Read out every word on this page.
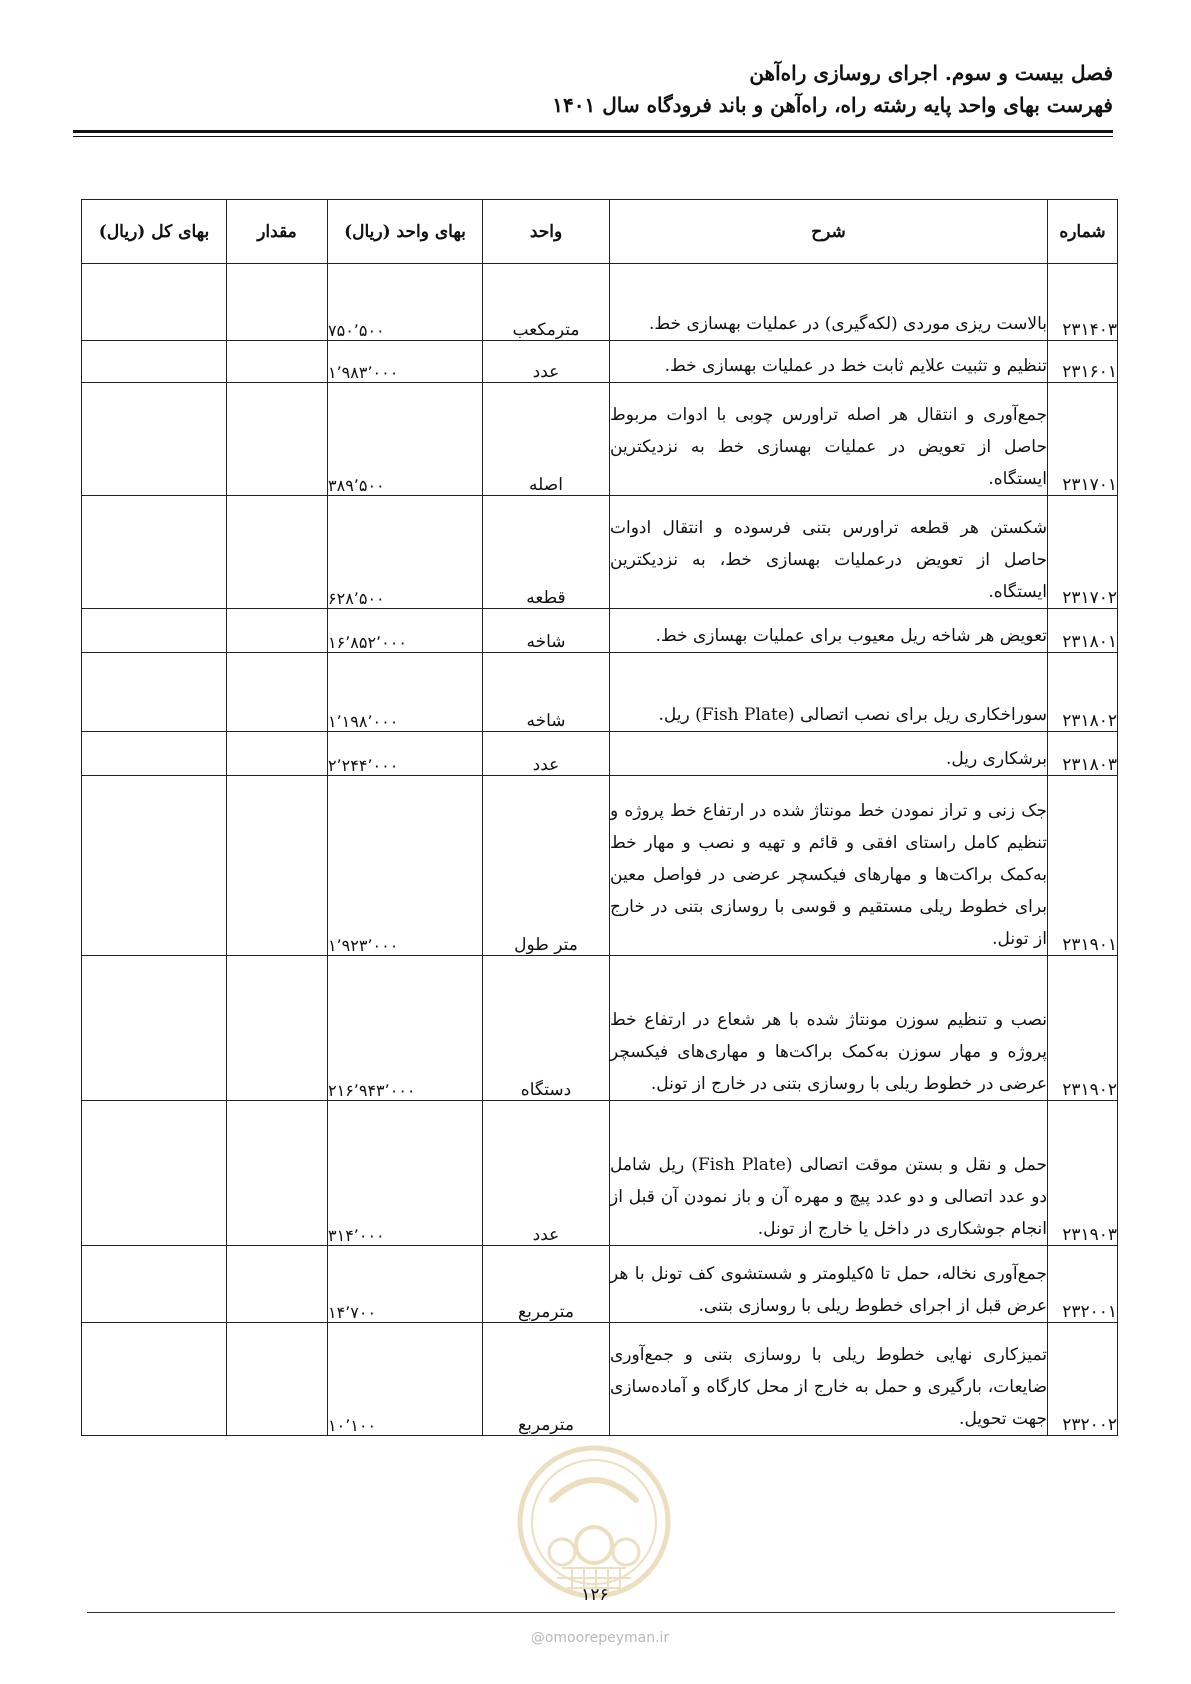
فصل بیست و سوم. اجرای روسازی راه‌آهن
فهرست بهای واحد پایه رشته راه، راه‌آهن و باند فرودگاه سال ۱۴۰۱
شماره	شرح	واحد	بهای واحد (ریال)	مقدار	بهای کل (ریال)
۲۳۱۴۰۳	بالاست ریزی موردی (لکه‌گیری) در عملیات بهسازی خط.	مترمکعب	۷۵۰٬۵۰۰		
۲۳۱۶۰۱	تنظیم و تثبیت علایم ثابت خط در عملیات بهسازی خط.	عدد	۱٬۹۸۳٬۰۰۰		
۲۳۱۷۰۱	جمع‌آوری و انتقال هر اصله تراورس چوبی با ادوات مربوط حاصل از تعویض در عملیات بهسازی خط به نزدیکترین ایستگاه.	اصله	۳۸۹٬۵۰۰		
۲۳۱۷۰۲	شکستن هر قطعه تراورس بتنی فرسوده و انتقال ادوات حاصل از تعویض درعملیات بهسازی خط، به نزدیکترین ایستگاه.	قطعه	۶۲۸٬۵۰۰		
۲۳۱۸۰۱	تعویض هر شاخه ریل معیوب برای عملیات بهسازی خط.	شاخه	۱۶٬۸۵۲٬۰۰۰		
۲۳۱۸۰۲	سوراخکاری ریل برای نصب اتصالی (Fish Plate) ریل.	شاخه	۱٬۱۹۸٬۰۰۰		
۲۳۱۸۰۳	برشکاری ریل.	عدد	۲٬۲۴۴٬۰۰۰		
۲۳۱۹۰۱	جک زنی و تراز نمودن خط مونتاژ شده در ارتفاع خط پروژه و تنظیم کامل راستای افقی و قائم و تهیه و نصب و مهار خط به‌کمک براکت‌ها و مهارهای فیکسچر عرضی در فواصل معین برای خطوط ریلی مستقیم و قوسی با روسازی بتنی در خارج از تونل.	متر طول	۱٬۹۲۳٬۰۰۰		
۲۳۱۹۰۲	نصب و تنظیم سوزن مونتاژ شده با هر شعاع در ارتفاع خط پروژه و مهار سوزن به‌کمک براکت‌ها و مهاری‌های فیکسچر عرضی در خطوط ریلی با روسازی بتنی در خارج از تونل.	دستگاه	۲۱۶٬۹۴۳٬۰۰۰		
۲۳۱۹۰۳	حمل و نقل و بستن موقت اتصالی (Fish Plate) ریل شامل دو عدد اتصالی و دو عدد پیچ و مهره آن و باز نمودن آن قبل از انجام جوشکاری در داخل یا خارج از تونل.	عدد	۳۱۴٬۰۰۰		
۲۳۲۰۰۱	جمع‌آوری نخاله، حمل تا ۵کیلومتر و شستشوی کف تونل با هر عرض قبل از اجرای خطوط ریلی با روسازی بتنی.	مترمربع	۱۴٬۷۰۰		
۲۳۲۰۰۲	تمیزکاری نهایی خطوط ریلی با روسازی بتنی و جمع‌آوری ضایعات، بارگیری و حمل به خارج از محل کارگاه و آماده‌سازی جهت تحویل.	مترمربع	۱۰٬۱۰۰		
۱۲۶
@omoorepeyman.ir
